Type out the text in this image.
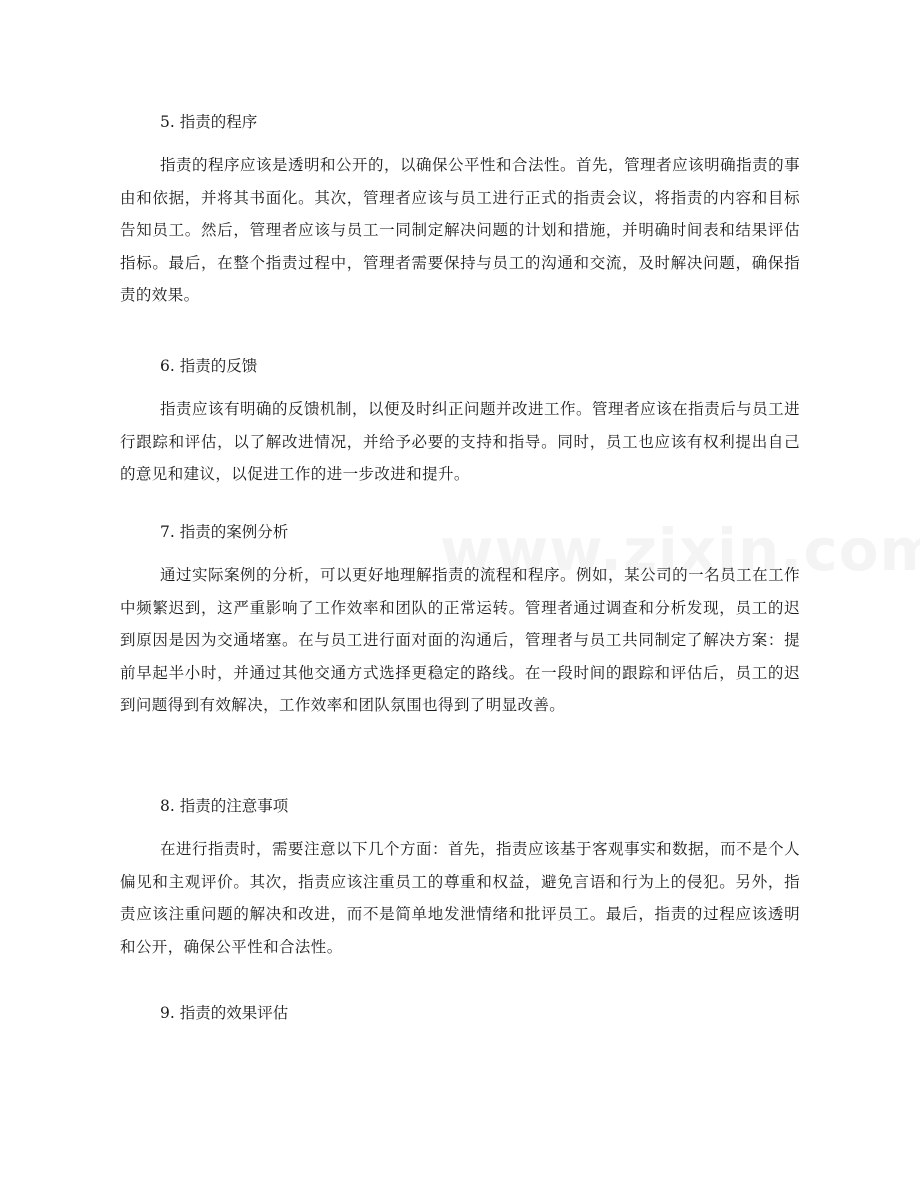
5. 指责的程序

指责的程序应该是透明和公开的，以确保公平性和合法性。首先，管理者应该明确指责的事由和依据，并将其书面化。其次，管理者应该与员工进行正式的指责会议，将指责的内容和目标告知员工。然后，管理者应该与员工一同制定解决问题的计划和措施，并明确时间表和结果评估指标。最后，在整个指责过程中，管理者需要保持与员工的沟通和交流，及时解决问题，确保指责的效果。

6. 指责的反馈

指责应该有明确的反馈机制，以便及时纠正问题并改进工作。管理者应该在指责后与员工进行跟踪和评估，以了解改进情况，并给予必要的支持和指导。同时，员工也应该有权利提出自己的意见和建议，以促进工作的进一步改进和提升。

7. 指责的案例分析

通过实际案例的分析，可以更好地理解指责的流程和程序。例如，某公司的一名员工在工作中频繁迟到，这严重影响了工作效率和团队的正常运转。管理者通过调查和分析发现，员工的迟到原因是因为交通堵塞。在与员工进行面对面的沟通后，管理者与员工共同制定了解决方案：提前早起半小时，并通过其他交通方式选择更稳定的路线。在一段时间的跟踪和评估后，员工的迟到问题得到有效解决，工作效率和团队氛围也得到了明显改善。

8. 指责的注意事项

在进行指责时，需要注意以下几个方面：首先，指责应该基于客观事实和数据，而不是个人偏见和主观评价。其次，指责应该注重员工的尊重和权益，避免言语和行为上的侵犯。另外，指责应该注重问题的解决和改进，而不是简单地发泄情绪和批评员工。最后，指责的过程应该透明和公开，确保公平性和合法性。

9. 指责的效果评估
